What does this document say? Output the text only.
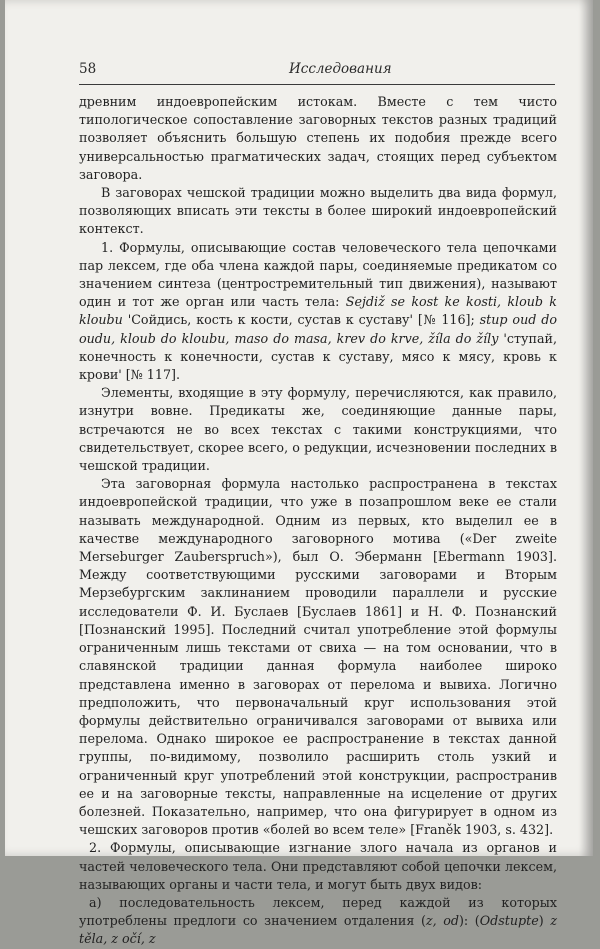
58	Исследования

древним индоевропейским истокам. Вместе с тем чисто типологическое сопоставление заговорных текстов разных традиций позволяет объяснить большую степень их подобия прежде всего универсальностью прагматических задач, стоящих перед субъектом заговора.

В заговорах чешской традиции можно выделить два вида формул, позволяющих вписать эти тексты в более широкий индоевропейский контекст.

1. Формулы, описывающие состав человеческого тела цепочками пар лексем, где оба члена каждой пары, соединяемые предикатом со значением синтеза (центростремительный тип движения), называют один и тот же орган или часть тела: Sejdiž se kost ke kosti, kloub k kloubu 'Сойдись, кость к кости, сустав к суставу' [№ 116]; stup oud do oudu, kloub do kloubu, maso do masa, krev do krve, žíla do žíly 'ступай, конечность к конечности, сустав к суставу, мясо к мясу, кровь к крови' [№ 117].

Элементы, входящие в эту формулу, перечисляются, как правило, изнутри вовне. Предикаты же, соединяющие данные пары, встречаются не во всех текстах с такими конструкциями, что свидетельствует, скорее всего, о редукции, исчезновении последних в чешской традиции.

Эта заговорная формула настолько распространена в текстах индоевропейской традиции, что уже в позапрошлом веке ее стали называть международной. Одним из первых, кто выделил ее в качестве международного заговорного мотива («Der zweite Merseburger Zauberspruch»), был О. Эберманн [Ebermann 1903]. Между соответствующими русскими заговорами и Вторым Мерзебургским заклинанием проводили параллели и русские исследователи Ф. И. Буслаев [Буслаев 1861] и Н. Ф. Познанский [Познанский 1995]. Последний считал употребление этой формулы ограниченным лишь текстами от свиха — на том основании, что в славянской традиции данная формула наиболее широко представлена именно в заговорах от перелома и вывиха. Логично предположить, что первоначальный круг использования этой формулы действительно ограничивался заговорами от вывиха или перелома. Однако широкое ее распространение в текстах данной группы, по-видимому, позволило расширить столь узкий и ограниченный круг употреблений этой конструкции, распространив ее и на заговорные тексты, направленные на исцеление от других болезней. Показательно, например, что она фигурирует в одном из чешских заговоров против «болей во всем теле» [Franěk 1903, s. 432].

2. Формулы, описывающие изгнание злого начала из органов и частей человеческого тела. Они представляют собой цепочки лексем, называющих органы и части тела, и могут быть двух видов:

а) последовательность лексем, перед каждой из которых употреблены предлоги со значением отдаления (z, od): (Odstupte) z těla, z očí, z
